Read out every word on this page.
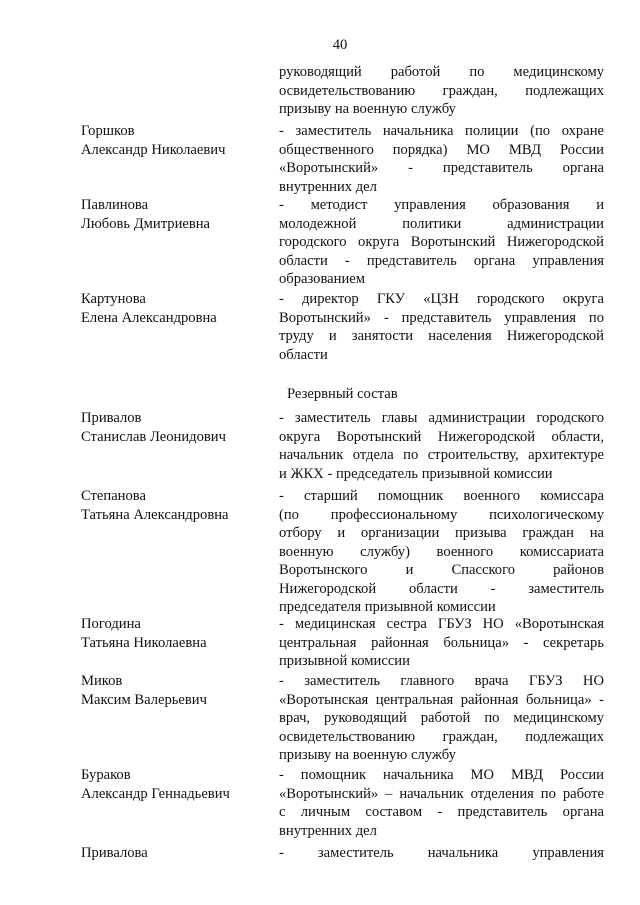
40
руководящий работой по медицинскому
освидетельствованию граждан, подлежащих
призыву на военную службу
Горшков
Александр Николаевич
- заместитель начальника полиции (по охране
общественного порядка) МО МВД России
«Воротынский» - представитель органа
внутренних дел
Павлинова
Любовь Дмитриевна
- методист управления образования и
молодежной политики администрации
городского округа Воротынский Нижегородской
области - представитель органа управления
образованием
Картунова
Елена Александровна
- директор ГКУ «ЦЗН городского округа
Воротынский» - представитель управления по
труду и занятости населения Нижегородской
области
Резервный состав
Привалов
Станислав Леонидович
- заместитель главы администрации городского
округа Воротынский Нижегородской области,
начальник отдела по строительству, архитектуре
и ЖКХ - председатель призывной комиссии
Степанова
Татьяна Александровна
- старший помощник военного комиссара
(по профессиональному психологическому
отбору и организации призыва граждан на
военную службу) военного комиссариата
Воротынского и Спасского районов
Нижегородской области - заместитель
председателя призывной комиссии
Погодина
Татьяна Николаевна
- медицинская сестра ГБУЗ НО «Воротынская
центральная районная больница» - секретарь
призывной комиссии
Миков
Максим Валерьевич
- заместитель главного врача ГБУЗ НО
«Воротынская центральная районная больница» -
врач, руководящий работой по медицинскому
освидетельствованию граждан, подлежащих
призыву на военную службу
Бураков
Александр Геннадьевич
- помощник начальника МО МВД России
«Воротынский» – начальник отделения по работе
с личным составом - представитель органа
внутренних дел
Привалова	- заместитель начальника управления
